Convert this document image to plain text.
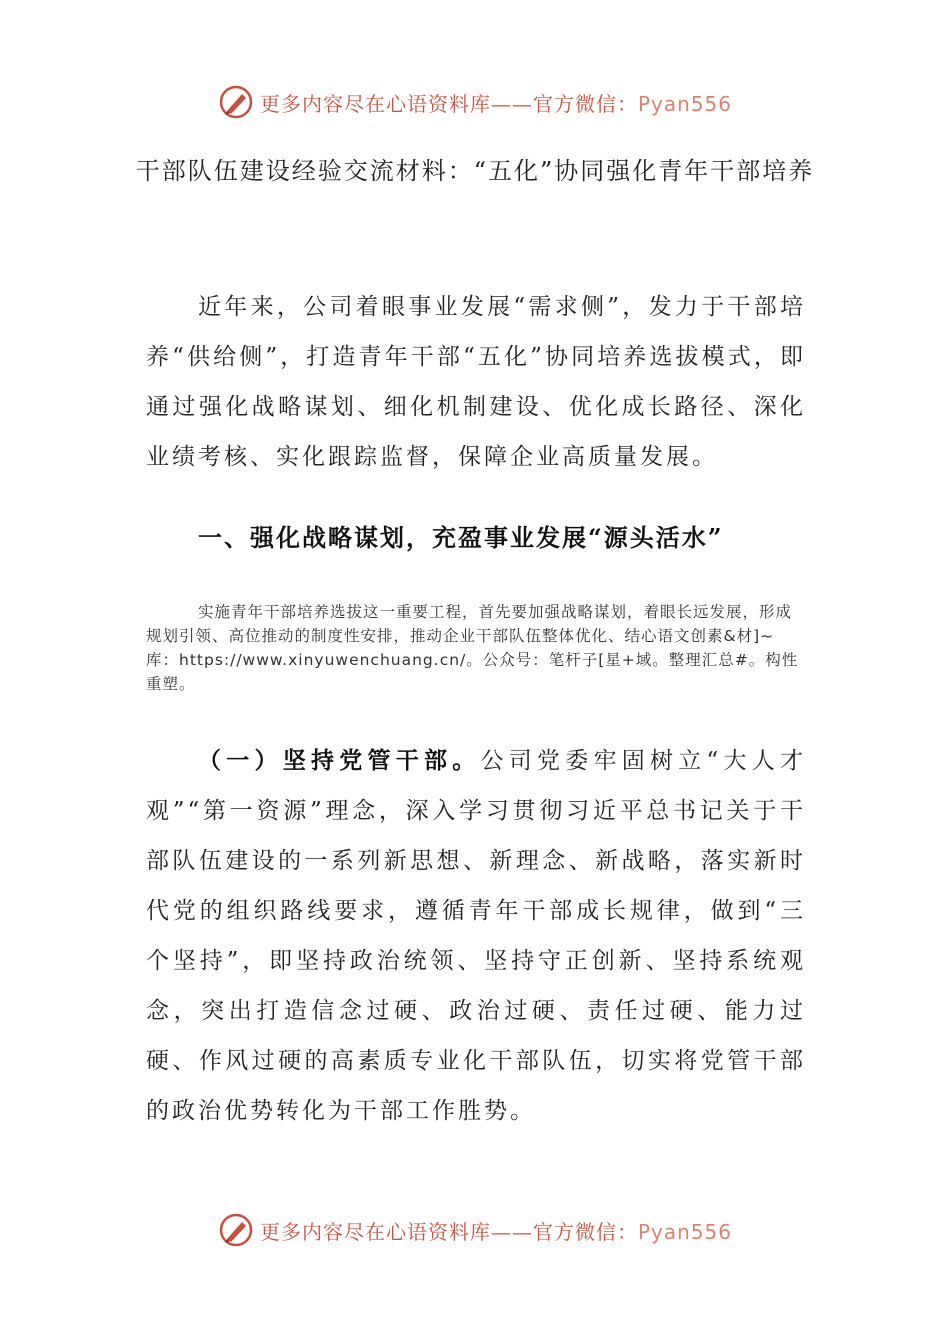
更多内容尽在心语资料库——官方微信：Pyan556
干部队伍建设经验交流材料：“五化”协同强化青年干部培养
近年来，公司着眼事业发展“需求侧”，发力于干部培养“供给侧”，打造青年干部“五化”协同培养选拔模式，即通过强化战略谋划、细化机制建设、优化成长路径、深化业绩考核、实化跟踪监督，保障企业高质量发展。
一、强化战略谋划，充盈事业发展“源头活水”
实施青年干部培养选拔这一重要工程，首先要加强战略谋划，着眼长远发展，形成规划引领、高位推动的制度性安排，推动企业干部队伍整体优化、结心语文创素&材]~库：https://www.xinyuwenchuang.cn/。公众号：笔杆子[星+域。整理汇总#。构性重塑。
（一）坚持党管干部。公司党委牢固树立“大人才观”“第一资源”理念，深入学习贯彻习近平总书记关于干部队伍建设的一系列新思想、新理念、新战略，落实新时代党的组织路线要求，遵循青年干部成长规律，做到“三个坚持”，即坚持政治统领、坚持守正创新、坚持系统观念，突出打造信念过硬、政治过硬、责任过硬、能力过硬、作风过硬的高素质专业化干部队伍，切实将党管干部的政治优势转化为干部工作胜势。
更多内容尽在心语资料库——官方微信：Pyan556
